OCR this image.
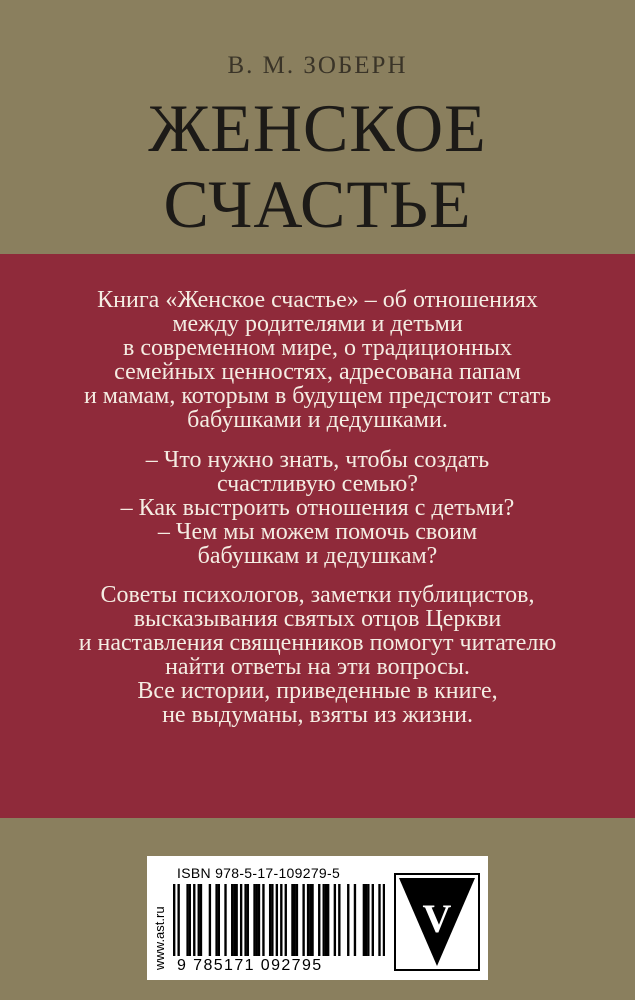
В. М. ЗОБЕРН
ЖЕНСКОЕ
СЧАСТЬЕ

Книга «Женское счастье» – об отношениях
между родителями и детьми
в современном мире, о традиционных
семейных ценностях, адресована папам
и мамам, которым в будущем предстоит стать
бабушками и дедушками.

– Что нужно знать, чтобы создать
счастливую семью?
– Как выстроить отношения с детьми?
– Чем мы можем помочь своим
бабушкам и дедушкам?

Советы психологов, заметки публицистов,
высказывания святых отцов Церкви
и наставления священников помогут читателю
найти ответы на эти вопросы.
Все истории, приведенные в книге,
не выдуманы, взяты из жизни.

www.ast.ru
ISBN 978-5-17-109279-5
9 785171 092795
V
